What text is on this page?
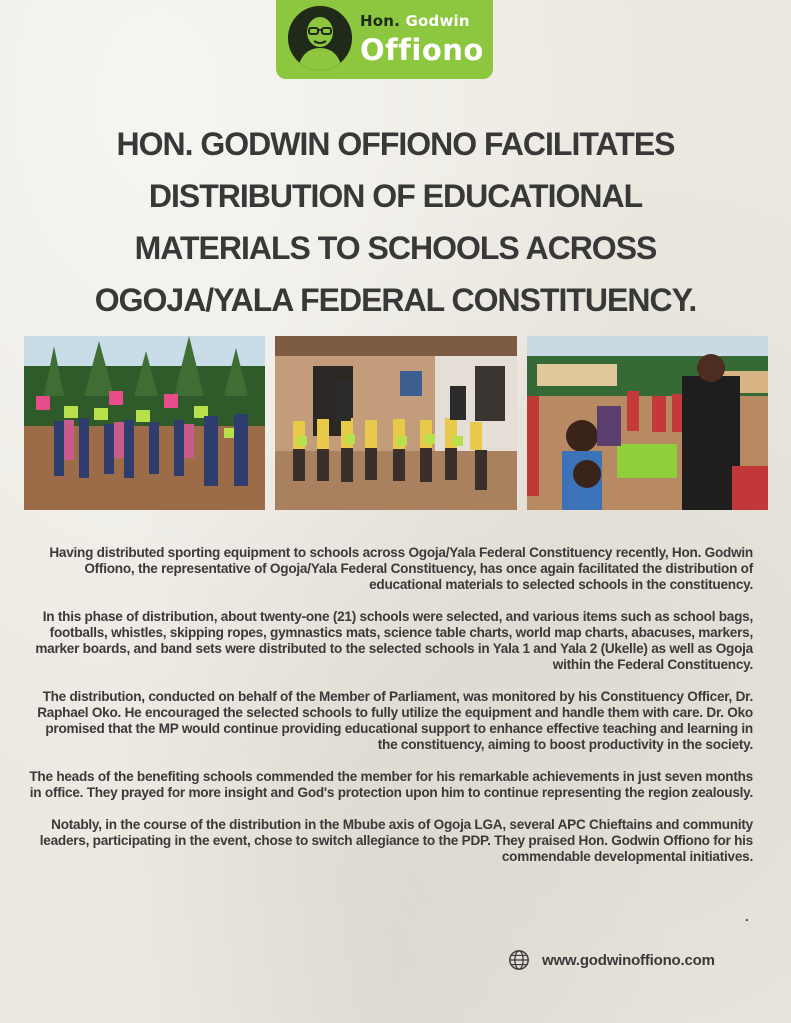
Hon. Godwin
Offiono
HON. GODWIN OFFIONO FACILITATES
DISTRIBUTION OF EDUCATIONAL
MATERIALS TO SCHOOLS ACROSS
OGOJA/YALA FEDERAL CONSTITUENCY.

Having distributed sporting equipment to schools across Ogoja/Yala Federal Constituency recently, Hon. Godwin Offiono, the representative of Ogoja/Yala Federal Constituency, has once again facilitated the distribution of educational materials to selected schools in the constituency.

In this phase of distribution, about twenty-one (21) schools were selected, and various items such as school bags, footballs, whistles, skipping ropes, gymnastics mats, science table charts, world map charts, abacuses, markers, marker boards, and band sets were distributed to the selected schools in Yala 1 and Yala 2 (Ukelle) as well as Ogoja within the Federal Constituency.

The distribution, conducted on behalf of the Member of Parliament, was monitored by his Constituency Officer, Dr. Raphael Oko. He encouraged the selected schools to fully utilize the equipment and handle them with care. Dr. Oko promised that the MP would continue providing educational support to enhance effective teaching and learning in the constituency, aiming to boost productivity in the society.

The heads of the benefiting schools commended the member for his remarkable achievements in just seven months in office. They prayed for more insight and God's protection upon him to continue representing the region zealously.

Notably, in the course of the distribution in the Mbube axis of Ogoja LGA, several APC Chieftains and community leaders, participating in the event, chose to switch allegiance to the PDP. They praised Hon. Godwin Offiono for his commendable developmental initiatives.

.
www.godwinoffiono.com
